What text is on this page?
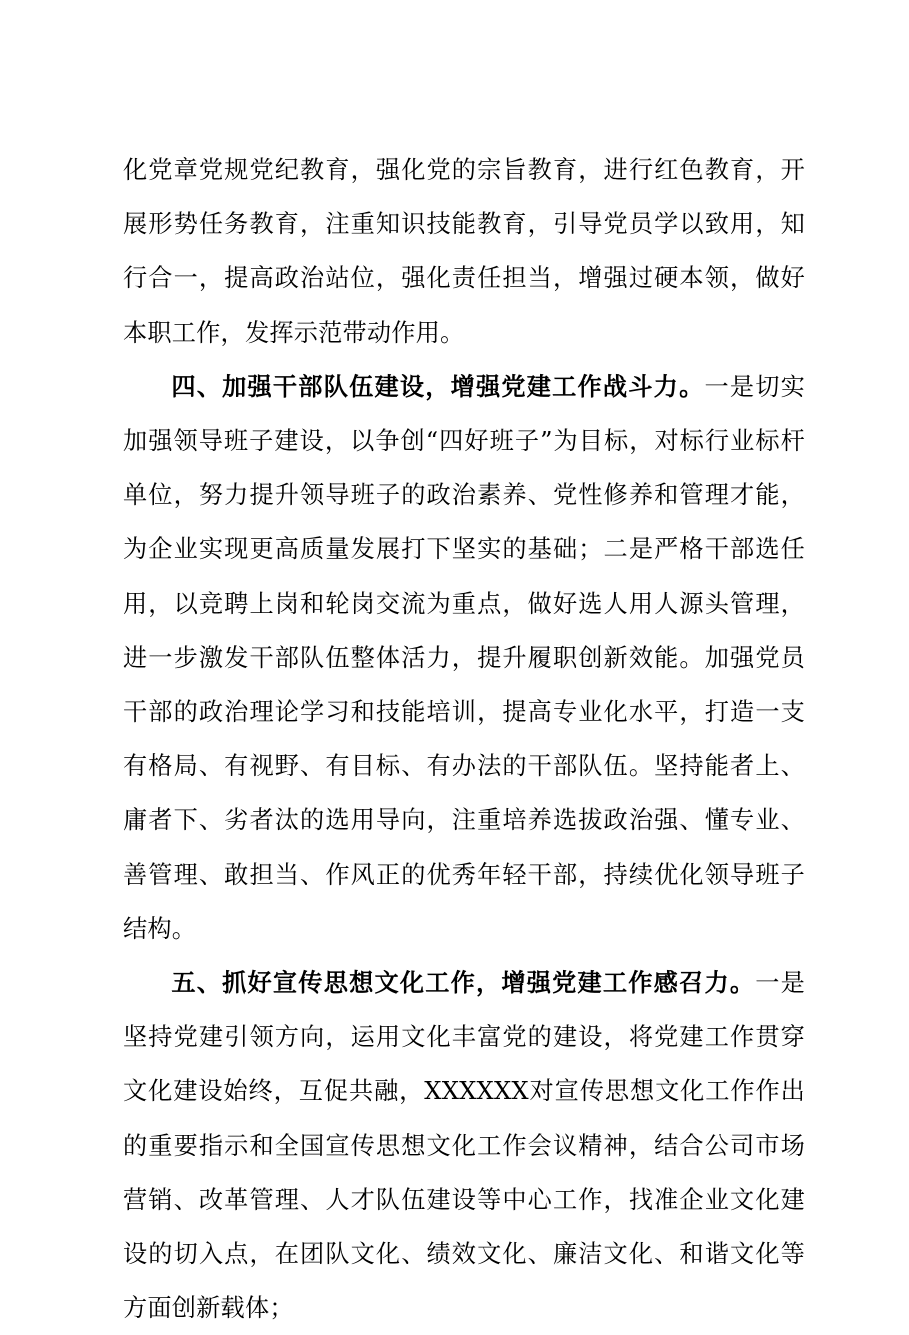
化党章党规党纪教育，强化党的宗旨教育，进行红色教育，开展形势任务教育，注重知识技能教育，引导党员学以致用，知行合一，提高政治站位，强化责任担当，增强过硬本领，做好本职工作，发挥示范带动作用。

四、加强干部队伍建设，增强党建工作战斗力。一是切实加强领导班子建设，以争创“四好班子”为目标，对标行业标杆单位，努力提升领导班子的政治素养、党性修养和管理才能，为企业实现更高质量发展打下坚实的基础；二是严格干部选任用，以竞聘上岗和轮岗交流为重点，做好选人用人源头管理，进一步激发干部队伍整体活力，提升履职创新效能。加强党员干部的政治理论学习和技能培训，提高专业化水平，打造一支有格局、有视野、有目标、有办法的干部队伍。坚持能者上、庸者下、劣者汰的选用导向，注重培养选拔政治强、懂专业、善管理、敢担当、作风正的优秀年轻干部，持续优化领导班子结构。

五、抓好宣传思想文化工作，增强党建工作感召力。一是坚持党建引领方向，运用文化丰富党的建设，将党建工作贯穿文化建设始终，互促共融，XXXXXX对宣传思想文化工作作出的重要指示和全国宣传思想文化工作会议精神，结合公司市场营销、改革管理、人才队伍建设等中心工作，找准企业文化建设的切入点，在团队文化、绩效文化、廉洁文化、和谐文化等方面创新载体；
